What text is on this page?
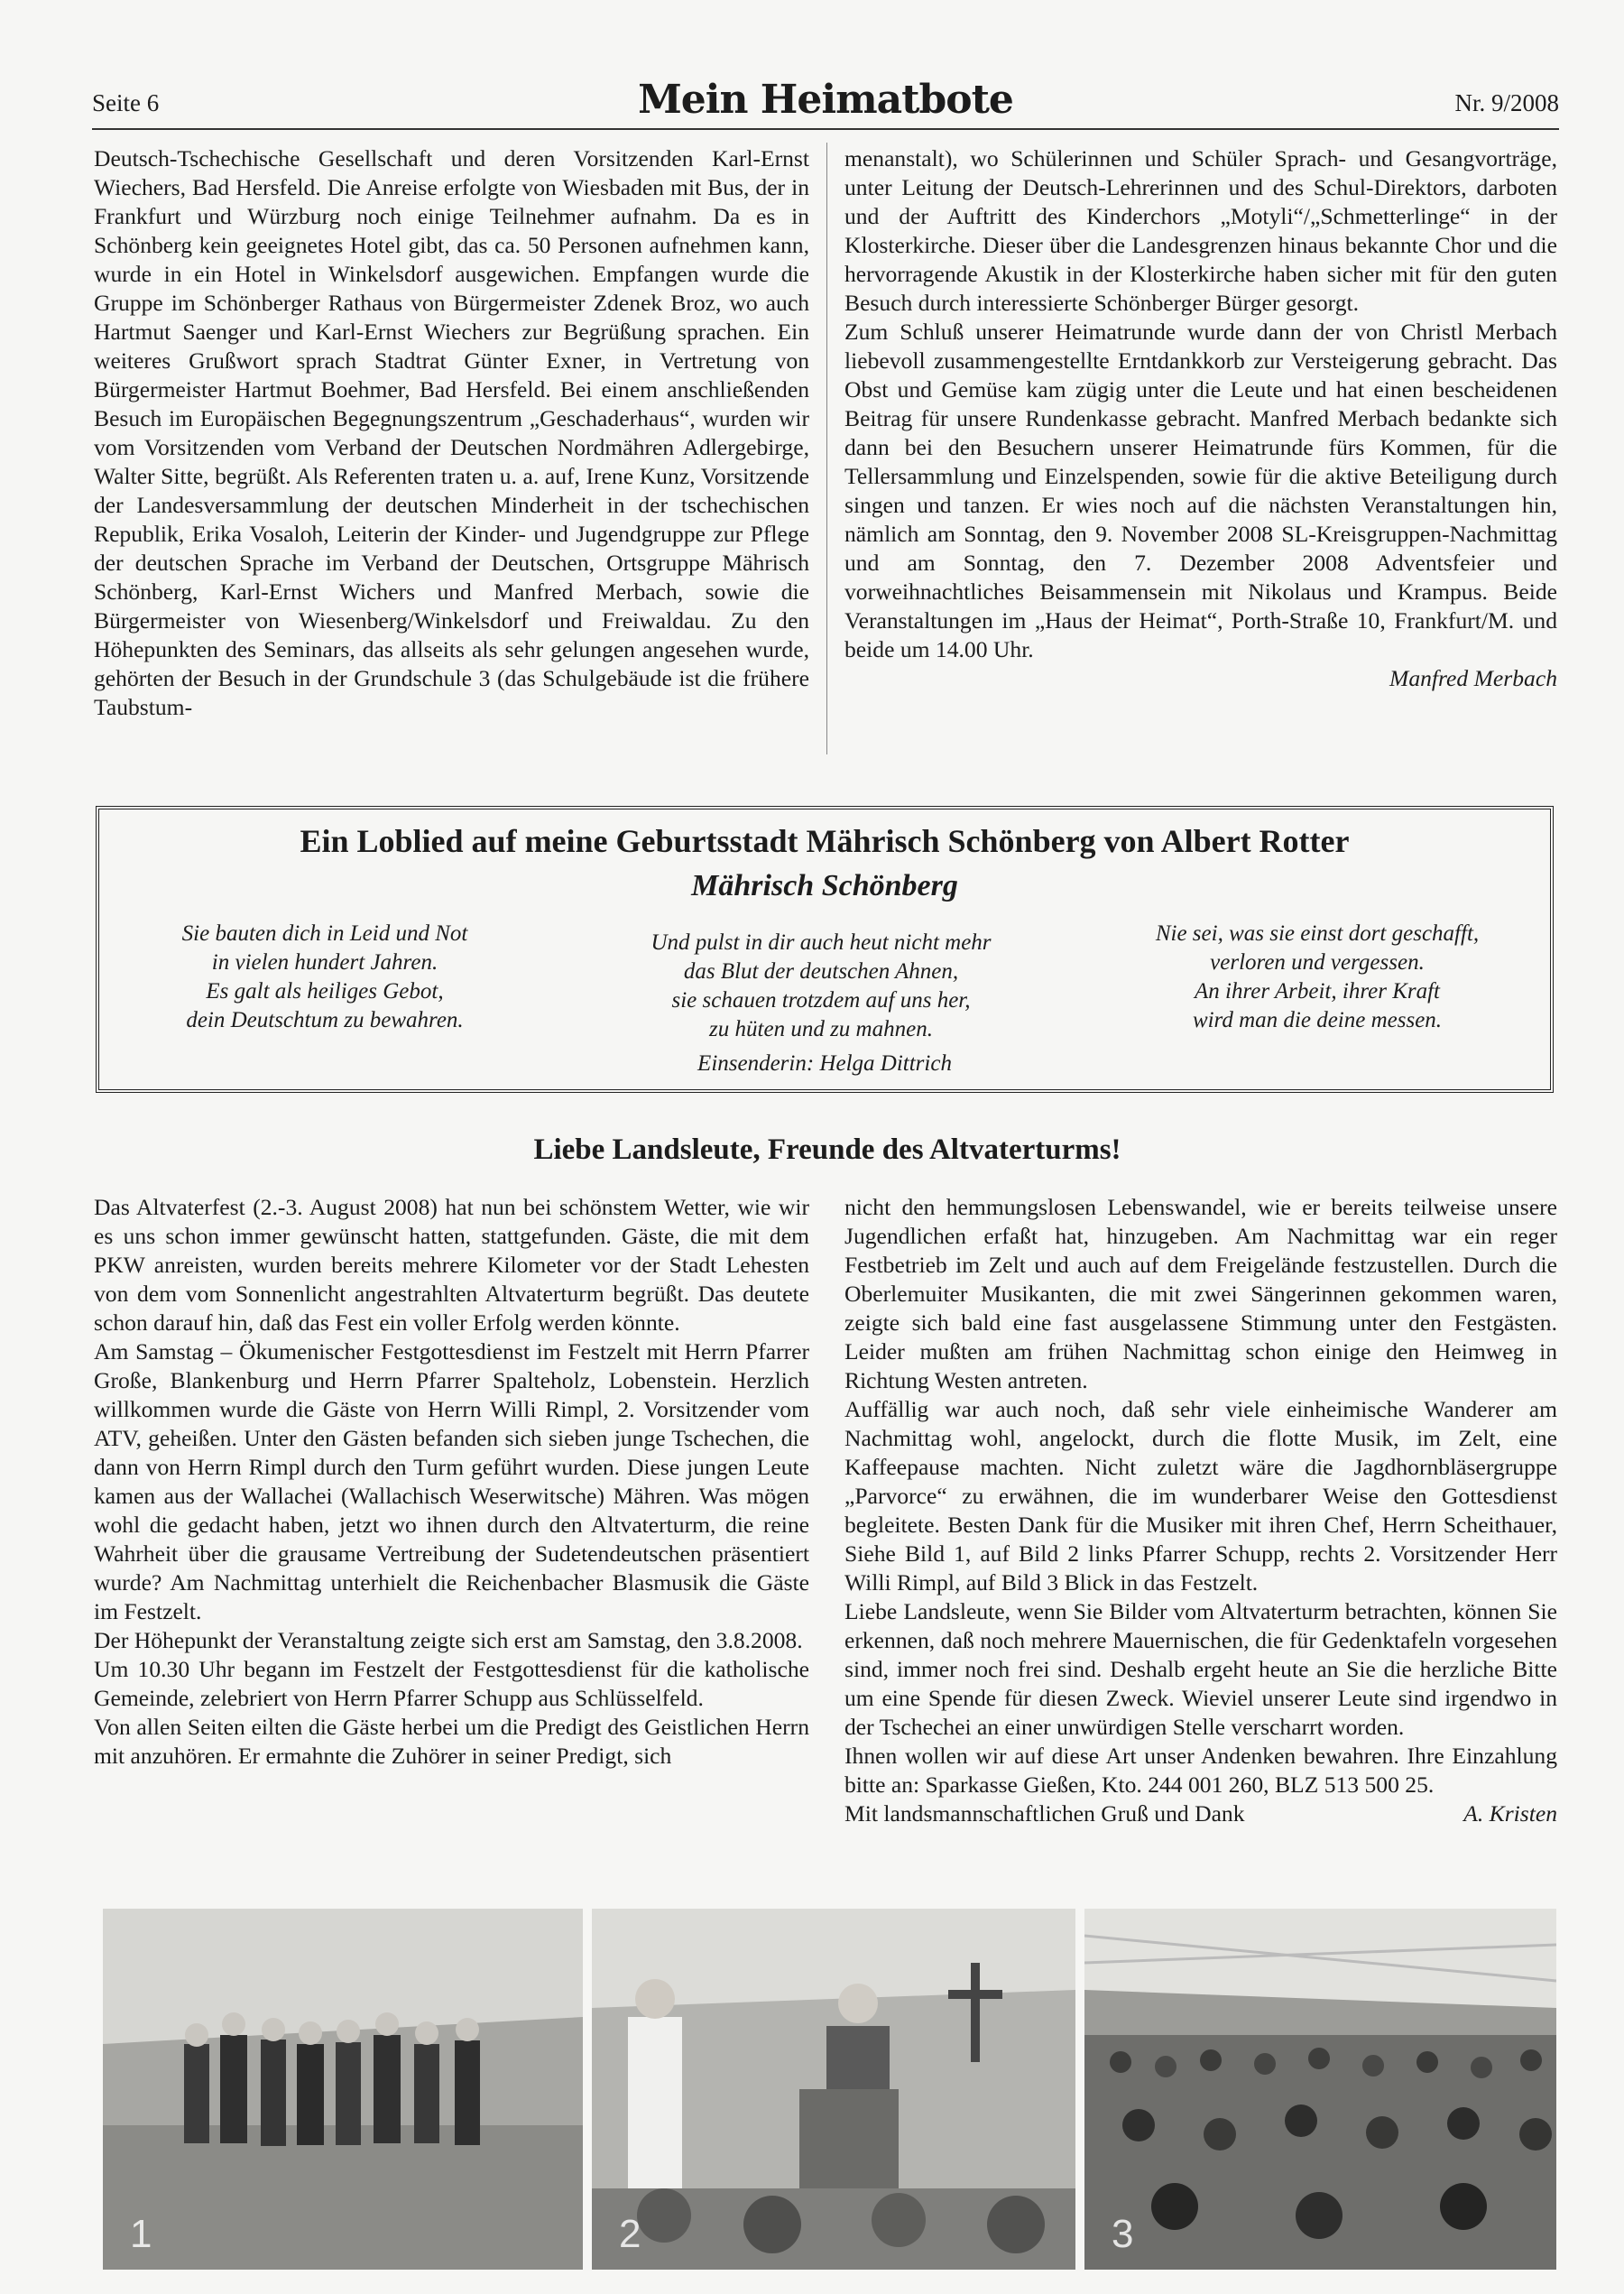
Seite 6	Mein Heimatbote	Nr. 9/2008

Deutsch-Tschechische Gesellschaft und deren Vorsitzenden Karl-Ernst Wiechers, Bad Hersfeld. Die Anreise erfolgte von Wiesbaden mit Bus, der in Frankfurt und Würzburg noch einige Teilnehmer aufnahm. Da es in Schönberg kein geeignetes Hotel gibt, das ca. 50 Personen aufnehmen kann, wurde in ein Hotel in Winkelsdorf ausgewichen. Empfangen wurde die Gruppe im Schönberger Rathaus von Bürgermeister Zdenek Broz, wo auch Hartmut Saenger und Karl-Ernst Wiechers zur Begrüßung sprachen. Ein weiteres Grußwort sprach Stadtrat Günter Exner, in Vertretung von Bürgermeister Hartmut Boehmer, Bad Hersfeld. Bei einem anschließenden Besuch im Europäischen Begegnungszentrum „Geschaderhaus“, wurden wir vom Vorsitzenden vom Verband der Deutschen Nordmähren Adlergebirge, Walter Sitte, begrüßt. Als Referenten traten u. a. auf, Irene Kunz, Vorsitzende der Landesversammlung der deutschen Minderheit in der tschechischen Republik, Erika Vosaloh, Leiterin der Kinder- und Jugendgruppe zur Pflege der deutschen Sprache im Verband der Deutschen, Ortsgruppe Mährisch Schönberg, Karl-Ernst Wichers und Manfred Merbach, sowie die Bürgermeister von Wiesenberg/Winkelsdorf und Freiwaldau. Zu den Höhepunkten des Seminars, das allseits als sehr gelungen angesehen wurde, gehörten der Besuch in der Grundschule 3 (das Schulgebäude ist die frühere Taubstum-

menanstalt), wo Schülerinnen und Schüler Sprach- und Gesangvorträge, unter Leitung der Deutsch-Lehrerinnen und des Schul-Direktors, darboten und der Auftritt des Kinderchors „Motyli“/„Schmetterlinge“ in der Klosterkirche. Dieser über die Landesgrenzen hinaus bekannte Chor und die hervorragende Akustik in der Klosterkirche haben sicher mit für den guten Besuch durch interessierte Schönberger Bürger gesorgt.

Zum Schluß unserer Heimatrunde wurde dann der von Christl Merbach liebevoll zusammengestellte Erntdankkorb zur Versteigerung gebracht. Das Obst und Gemüse kam zügig unter die Leute und hat einen bescheidenen Beitrag für unsere Rundenkasse gebracht. Manfred Merbach bedankte sich dann bei den Besuchern unserer Heimatrunde fürs Kommen, für die Tellersammlung und Einzelspenden, sowie für die aktive Beteiligung durch singen und tanzen. Er wies noch auf die nächsten Veranstaltungen hin, nämlich am Sonntag, den 9. November 2008 SL-Kreisgruppen-Nachmittag und am Sonntag, den 7. Dezember 2008 Adventsfeier und vorweihnachtliches Beisammensein mit Nikolaus und Krampus. Beide Veranstaltungen im „Haus der Heimat“, Porth-Straße 10, Frankfurt/M. und beide um 14.00 Uhr.

Manfred Merbach

Ein Loblied auf meine Geburtsstadt Mährisch Schönberg von Albert Rotter
Mährisch Schönberg
Sie bauten dich in Leid und Not
in vielen hundert Jahren.
Es galt als heiliges Gebot,
dein Deutschtum zu bewahren.
Und pulst in dir auch heut nicht mehr
das Blut der deutschen Ahnen,
sie schauen trotzdem auf uns her,
zu hüten und zu mahnen.
Nie sei, was sie einst dort geschafft,
verloren und vergessen.
An ihrer Arbeit, ihrer Kraft
wird man die deine messen.
Einsenderin: Helga Dittrich
Liebe Landsleute, Freunde des Altvaterturms!

Das Altvaterfest (2.-3. August 2008) hat nun bei schönstem Wetter, wie wir es uns schon immer gewünscht hatten, stattgefunden. Gäste, die mit dem PKW anreisten, wurden bereits mehrere Kilometer vor der Stadt Lehesten von dem vom Sonnenlicht angestrahlten Altvaterturm begrüßt. Das deutete schon darauf hin, daß das Fest ein voller Erfolg werden könnte.

Am Samstag – Ökumenischer Festgottesdienst im Festzelt mit Herrn Pfarrer Große, Blankenburg und Herrn Pfarrer Spalteholz, Lobenstein. Herzlich willkommen wurde die Gäste von Herrn Willi Rimpl, 2. Vorsitzender vom ATV, geheißen. Unter den Gästen befanden sich sieben junge Tschechen, die dann von Herrn Rimpl durch den Turm geführt wurden. Diese jungen Leute kamen aus der Wallachei (Wallachisch Weserwitsche) Mähren. Was mögen wohl die gedacht haben, jetzt wo ihnen durch den Altvaterturm, die reine Wahrheit über die grausame Vertreibung der Sudetendeutschen präsentiert wurde? Am Nachmittag unterhielt die Reichenbacher Blasmusik die Gäste im Festzelt.

Der Höhepunkt der Veranstaltung zeigte sich erst am Samstag, den 3.8.2008.

Um 10.30 Uhr begann im Festzelt der Festgottesdienst für die katholische Gemeinde, zelebriert von Herrn Pfarrer Schupp aus Schlüsselfeld.

Von allen Seiten eilten die Gäste herbei um die Predigt des Geistlichen Herrn mit anzuhören. Er ermahnte die Zuhörer in seiner Predigt, sich

nicht den hemmungslosen Lebenswandel, wie er bereits teilweise unsere Jugendlichen erfaßt hat, hinzugeben. Am Nachmittag war ein reger Festbetrieb im Zelt und auch auf dem Freigelände festzustellen. Durch die Oberlemuiter Musikanten, die mit zwei Sängerinnen gekommen waren, zeigte sich bald eine fast ausgelassene Stimmung unter den Festgästen. Leider mußten am frühen Nachmittag schon einige den Heimweg in Richtung Westen antreten.

Auffällig war auch noch, daß sehr viele einheimische Wanderer am Nachmittag wohl, angelockt, durch die flotte Musik, im Zelt, eine Kaffeepause machten. Nicht zuletzt wäre die Jagdhornbläsergruppe „Parvorce“ zu erwähnen, die im wunderbarer Weise den Gottesdienst begleitete. Besten Dank für die Musiker mit ihren Chef, Herrn Scheithauer, Siehe Bild 1, auf Bild 2 links Pfarrer Schupp, rechts 2. Vorsitzender Herr Willi Rimpl, auf Bild 3 Blick in das Festzelt.

Liebe Landsleute, wenn Sie Bilder vom Altvaterturm betrachten, können Sie erkennen, daß noch mehrere Mauernischen, die für Gedenktafeln vorgesehen sind, immer noch frei sind. Deshalb ergeht heute an Sie die herzliche Bitte um eine Spende für diesen Zweck. Wieviel unserer Leute sind irgendwo in der Tschechei an einer unwürdigen Stelle verscharrt worden.

Ihnen wollen wir auf diese Art unser Andenken bewahren. Ihre Einzahlung bitte an: Sparkasse Gießen, Kto. 244 001 260, BLZ 513 500 25.

Mit landsmannschaftlichen Gruß und Dank	A. Kristen

1	2	3
